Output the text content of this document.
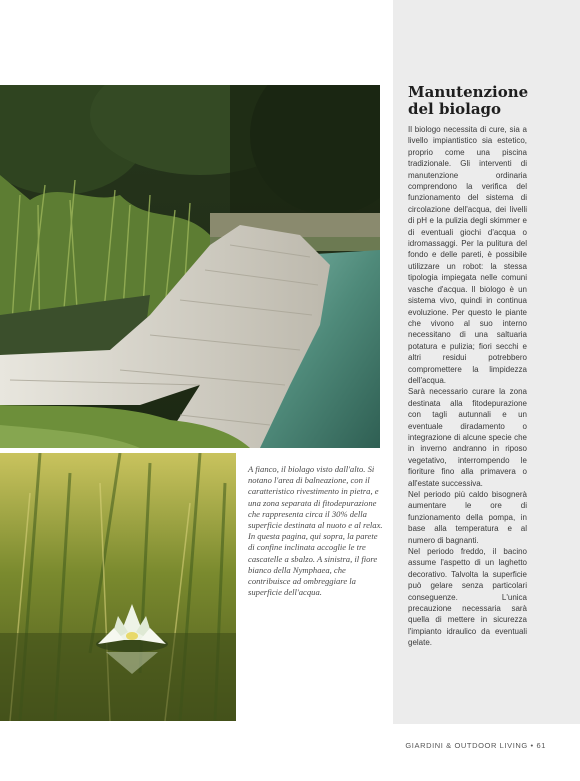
Manutenzione
del biolago

Il biologo necessita di cure, sia a livello impiantistico sia estetico, proprio come una piscina tradizionale. Gli interventi di manutenzione ordinaria comprendono la verifica del funzionamento del sistema di circolazione dell'acqua, dei livelli di pH e la pulizia degli skimmer e di eventuali giochi d'acqua o idromassaggi. Per la pulitura del fondo e delle pareti, è possibile utilizzare un robot: la stessa tipologia impiegata nelle comuni vasche d'acqua. Il biologo è un sistema vivo, quindi in continua evoluzione. Per questo le piante che vivono al suo interno necessitano di una saltuaria potatura e pulizia; fiori secchi e altri residui potrebbero compromettere la limpidezza dell'acqua.

Sarà necessario curare la zona destinata alla fitodepurazione con tagli autunnali e un eventuale diradamento o integrazione di alcune specie che in inverno andranno in riposo vegetativo, interrompendo le fioriture fino alla primavera o all'estate successiva.

Nel periodo più caldo bisognerà aumentare le ore di funzionamento della pompa, in base alla temperatura e al numero di bagnanti.

Nel periodo freddo, il bacino assume l'aspetto di un laghetto decorativo. Talvolta la superficie può gelare senza particolari conseguenze. L'unica precauzione necessaria sarà quella di mettere in sicurezza l'impianto idraulico da eventuali gelate.

A fianco, il biolago visto dall'alto. Si notano l'area di balneazione, con il caratteristico rivestimento in pietra, e una zona separata di fitodepurazione che rappresenta circa il 30% della superficie destinata al nuoto e al relax. In questa pagina, qui sopra, la parete di confine inclinata accoglie le tre cascatelle a sbalzo. A sinistra, il fiore bianco della Nymphaea, che contribuisce ad ombreggiare la superficie dell'acqua.

GIARDINI & OUTDOOR LIVING • 61
